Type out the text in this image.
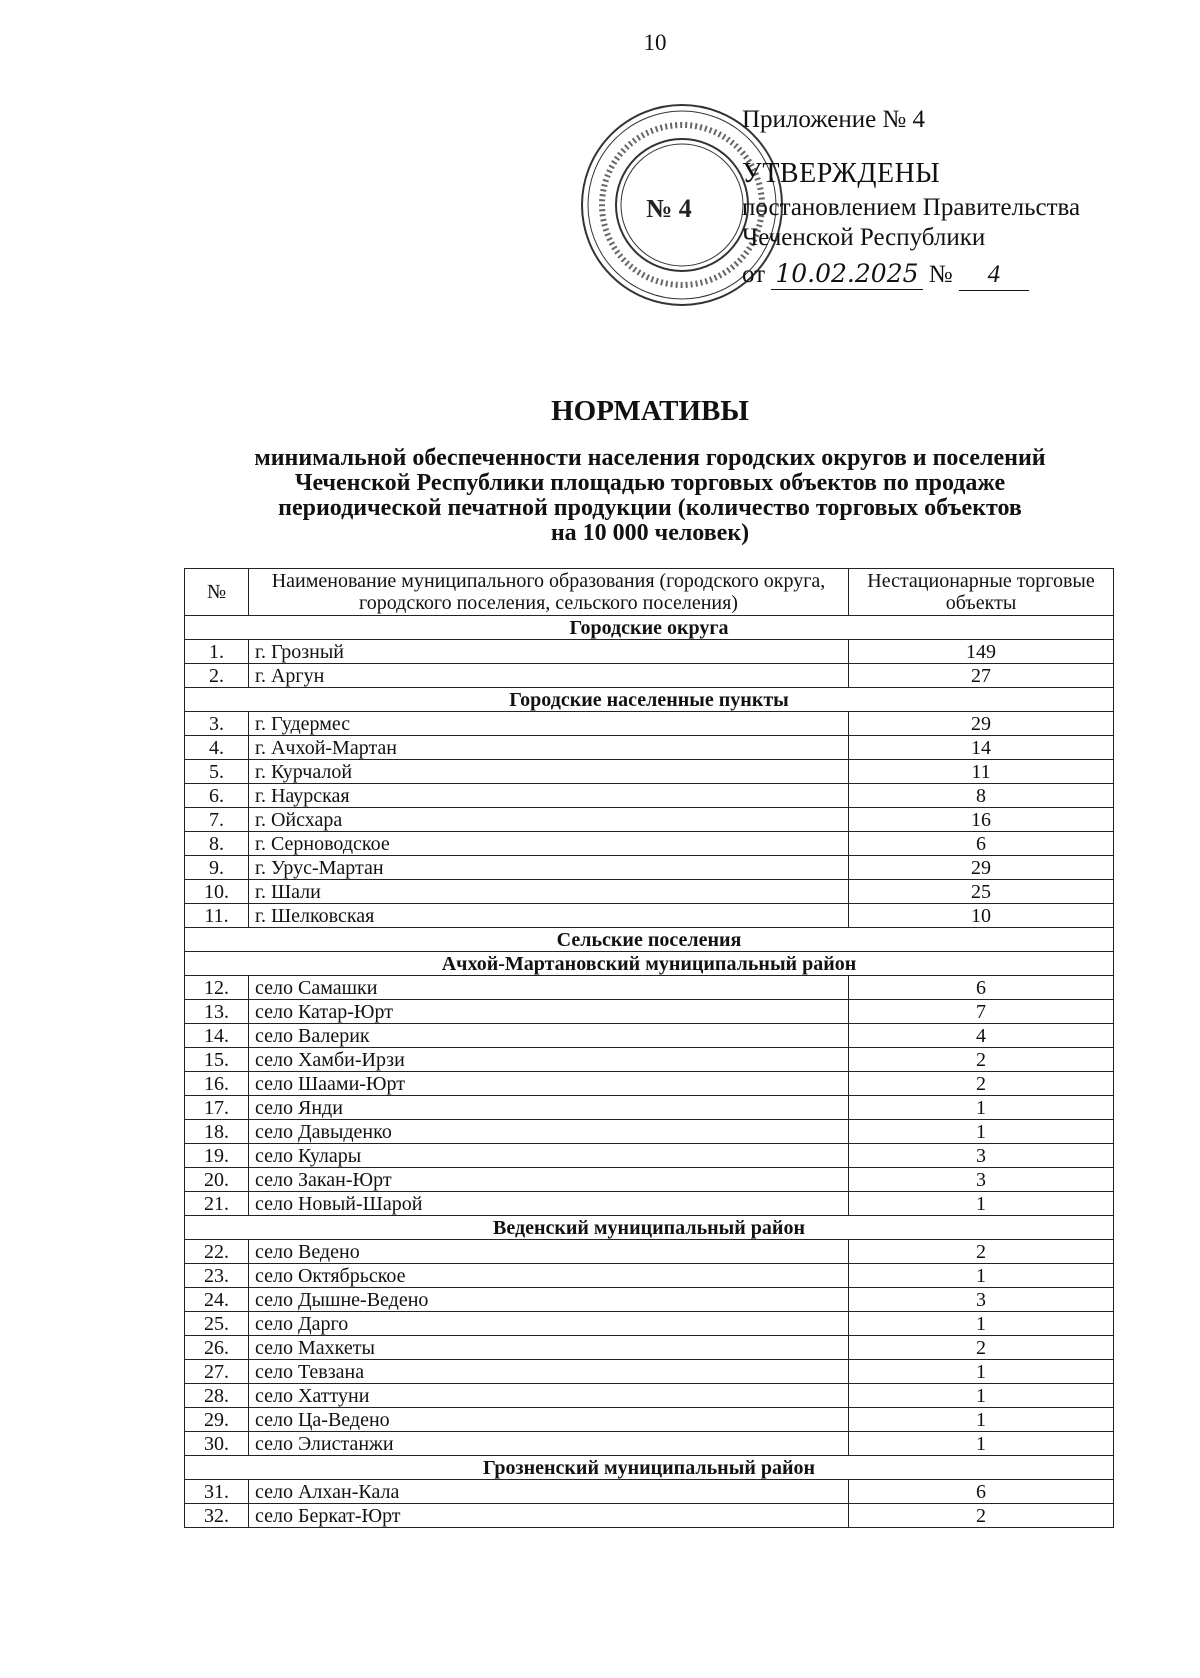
10
№ 4
Приложение № 4
УТВЕРЖДЕНЫ
постановлением Правительства
Чеченской Республики
от 10.02.2025 № 4
НОРМАТИВЫ
минимальной обеспеченности населения городских округов и поселений
Чеченской Республики площадью торговых объектов по продаже
периодической печатной продукции (количество торговых объектов
на 10 000 человек)
№	Наименование муниципального образования (городского округа, городского поселения, сельского поселения)	Нестационарные торговые объекты
Городские округа		
1.	г. Грозный	149
2.	г. Аргун	27
Городские населенные пункты		
3.	г. Гудермес	29
4.	г. Ачхой-Мартан	14
5.	г. Курчалой	11
6.	г. Наурская	8
7.	г. Ойсхара	16
8.	г. Серноводское	6
9.	г. Урус-Мартан	29
10.	г. Шали	25
11.	г. Шелковская	10
Сельские поселения		
Ачхой-Мартановский муниципальный район		
12.	село Самашки	6
13.	село Катар-Юрт	7
14.	село Валерик	4
15.	село Хамби-Ирзи	2
16.	село Шаами-Юрт	2
17.	село Янди	1
18.	село Давыденко	1
19.	село Кулары	3
20.	село Закан-Юрт	3
21.	село Новый-Шарой	1
Веденский муниципальный район		
22.	село Ведено	2
23.	село Октябрьское	1
24.	село Дышне-Ведено	3
25.	село Дарго	1
26.	село Махкеты	2
27.	село Тевзана	1
28.	село Хаттуни	1
29.	село Ца-Ведено	1
30.	село Элистанжи	1
Грозненский муниципальный район		
31.	село Алхан-Кала	6
32.	село Беркат-Юрт	2
